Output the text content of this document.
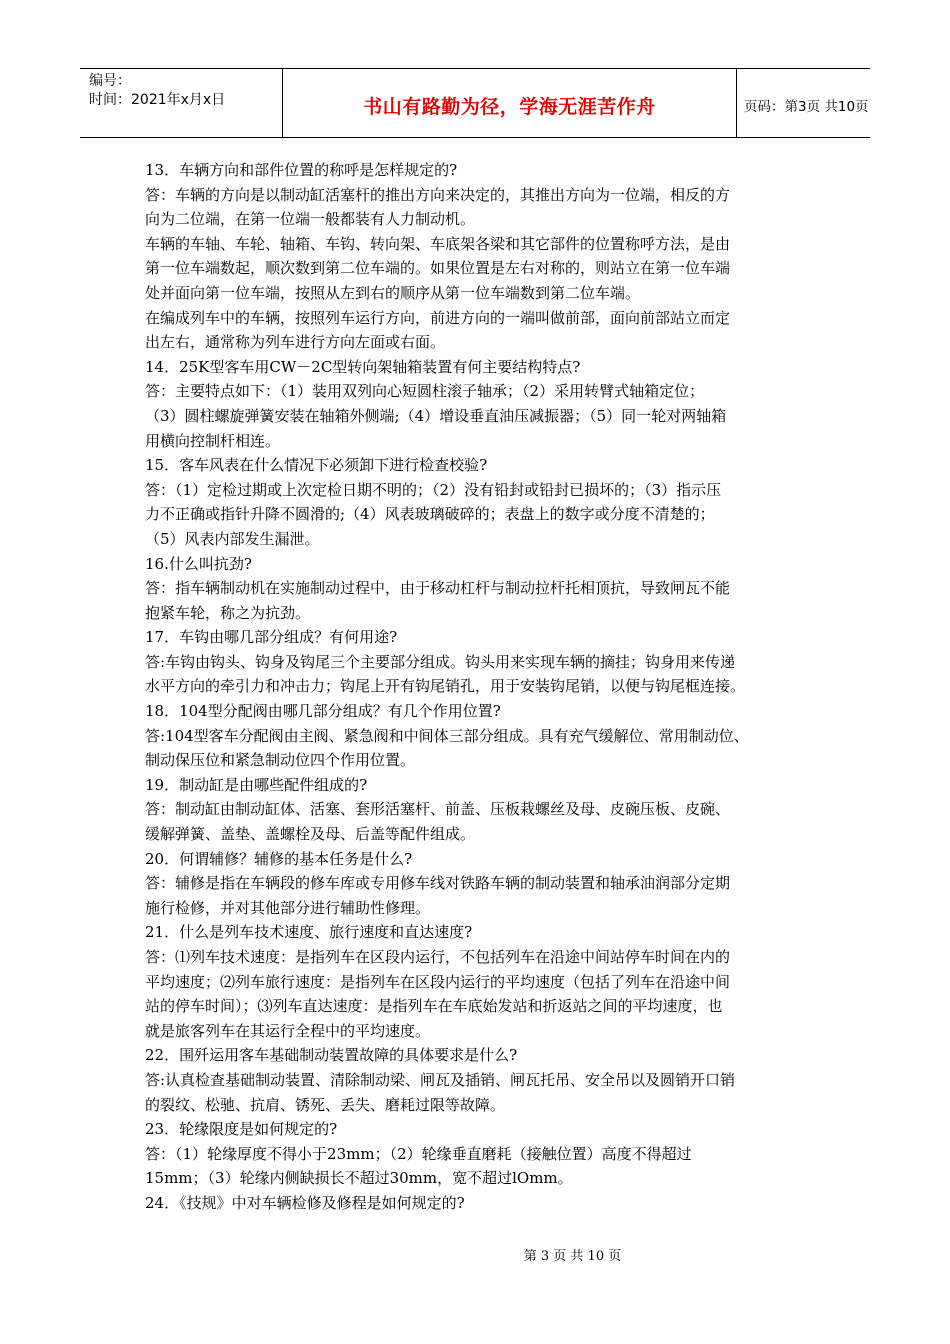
编号：
时间：2021年x月x日	书山有路勤为径，学海无涯苦作舟	页码：第3页 共10页
13．车辆方向和部件位置的称呼是怎样规定的?
答：车辆的方向是以制动缸活塞杆的推出方向来决定的，其推出方向为一位端，相反的方
向为二位端，在第一位端一般都装有人力制动机。
车辆的车轴、车轮、轴箱、车钩、转向架、车底架各梁和其它部件的位置称呼方法，是由
第一位车端数起，顺次数到第二位车端的。如果位置是左右对称的，则站立在第一位车端
处并面向第一位车端，按照从左到右的顺序从第一位车端数到第二位车端。
在编成列车中的车辆，按照列车运行方向，前进方向的一端叫做前部，面向前部站立而定
出左右，通常称为列车进行方向左面或右面。
14．25K型客车用CW－2C型转向架轴箱装置有何主要结构特点?
答：主要特点如下：（1）装用双列向心短圆柱滚子轴承；（2）采用转臂式轴箱定位；
（3）圆柱螺旋弹簧安装在轴箱外侧端;（4）增设垂直油压减振器；（5）同一轮对两轴箱
用横向控制杆相连。
15．客车风表在什么情况下必须卸下进行检查校验?
答：（1）定检过期或上次定检日期不明的；（2）没有铅封或铅封已损坏的；（3）指示压
力不正确或指针升降不圆滑的;（4）风表玻璃破碎的；表盘上的数字或分度不清楚的；
（5）风表内部发生漏泄。
16.什么叫抗劲?
答：指车辆制动机在实施制动过程中，由于移动杠杆与制动拉杆托相顶抗，导致闸瓦不能
抱紧车轮，称之为抗劲。
17．车钩由哪几部分组成？有何用途?
答:车钩由钩头、钩身及钩尾三个主要部分组成。钩头用来实现车辆的摘挂；钩身用来传递
水平方向的牵引力和冲击力；钩尾上开有钩尾销孔，用于安装钩尾销，以便与钩尾框连接。
18．104型分配阀由哪几部分组成？有几个作用位置?
答:104型客车分配阀由主阀、紧急阀和中间体三部分组成。具有充气缓解位、常用制动位、
制动保压位和紧急制动位四个作用位置。
19．制动缸是由哪些配件组成的?
答：制动缸由制动缸体、活塞、套形活塞杆、前盖、压板栽螺丝及母、皮碗压板、皮碗、
缓解弹簧、盖垫、盖螺栓及母、后盖等配件组成。
20．何谓辅修？辅修的基本任务是什么?
答：辅修是指在车辆段的修车库或专用修车线对铁路车辆的制动装置和轴承油润部分定期
施行检修，并对其他部分进行辅助性修理。
21．什么是列车技术速度、旅行速度和直达速度?
答：⑴列车技术速度：是指列车在区段内运行，不包括列车在沿途中间站停车时间在内的
平均速度；⑵列车旅行速度：是指列车在区段内运行的平均速度（包括了列车在沿途中间
站的停车时间）；⑶列车直达速度：是指列车在车底始发站和折返站之间的平均速度，也
就是旅客列车在其运行全程中的平均速度。
22．围歼运用客车基础制动装置故障的具体要求是什么?
答:认真检查基础制动装置、清除制动梁、闸瓦及插销、闸瓦托吊、安全吊以及圆销开口销
的裂纹、松驰、抗肩、锈死、丢失、磨耗过限等故障。
23．轮缘限度是如何规定的?
答：（1）轮缘厚度不得小于23mm；（2）轮缘垂直磨耗（接触位置）高度不得超过
15mm；（3）轮缘内侧缺损长不超过30mm，宽不超过lOmm。
24．《技规》中对车辆检修及修程是如何规定的?
第 3 页 共 10 页
